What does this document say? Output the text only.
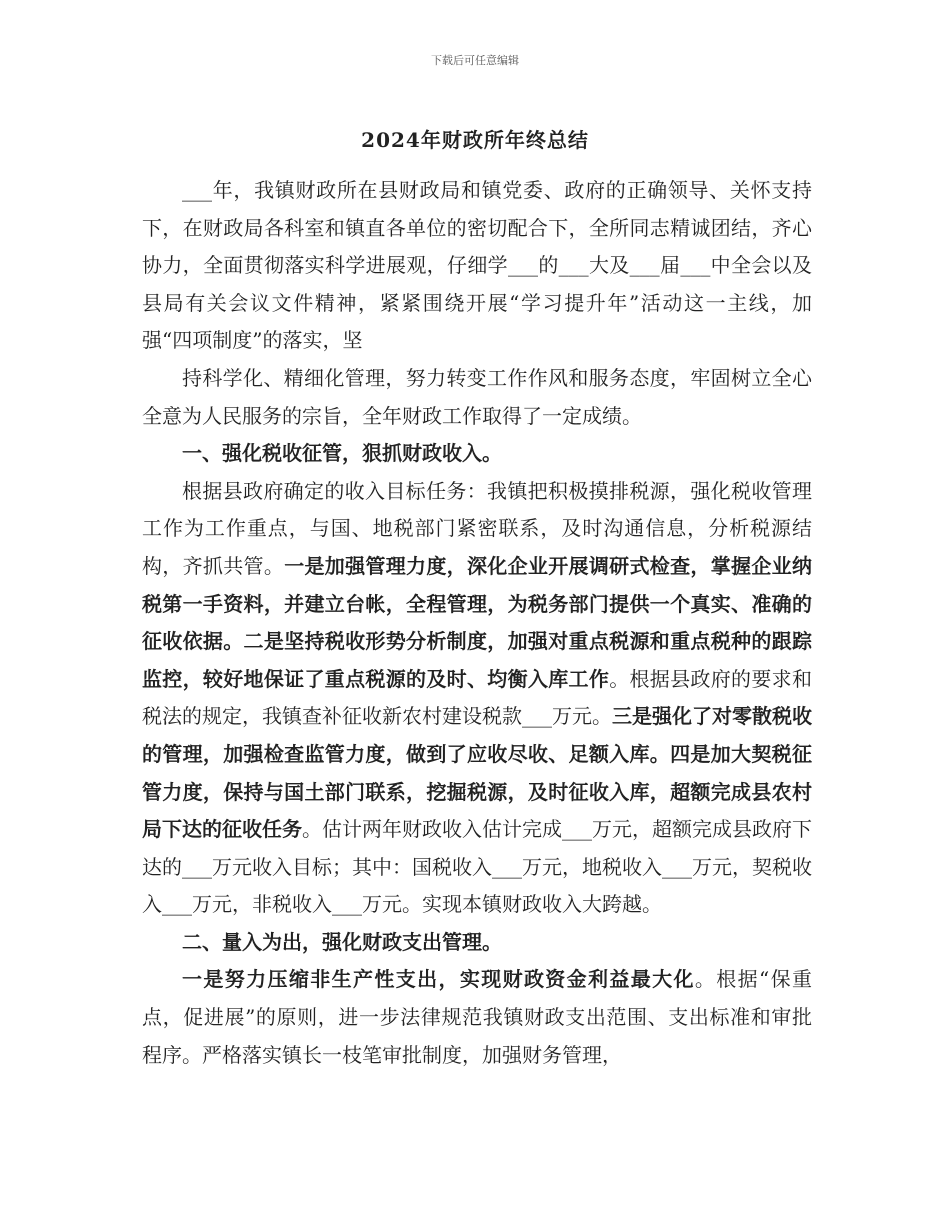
下载后可任意编辑
2024年财政所年终总结

___年，我镇财政所在县财政局和镇党委、政府的正确领导、关怀支持下，在财政局各科室和镇直各单位的密切配合下，全所同志精诚团结，齐心协力，全面贯彻落实科学进展观，仔细学___的___大及___届___中全会以及县局有关会议文件精神，紧紧围绕开展“学习提升年”活动这一主线，加强“四项制度”的落实，坚

持科学化、精细化管理，努力转变工作作风和服务态度，牢固树立全心全意为人民服务的宗旨，全年财政工作取得了一定成绩。

一、强化税收征管，狠抓财政收入。

根据县政府确定的收入目标任务：我镇把积极摸排税源，强化税收管理工作为工作重点，与国、地税部门紧密联系，及时沟通信息，分析税源结构，齐抓共管。一是加强管理力度，深化企业开展调研式检查，掌握企业纳税第一手资料，并建立台帐，全程管理，为税务部门提供一个真实、准确的征收依据。二是坚持税收形势分析制度，加强对重点税源和重点税种的跟踪监控，较好地保证了重点税源的及时、均衡入库工作。根据县政府的要求和税法的规定，我镇查补征收新农村建设税款___万元。三是强化了对零散税收的管理，加强检查监管力度，做到了应收尽收、足额入库。四是加大契税征管力度，保持与国土部门联系，挖掘税源，及时征收入库，超额完成县农村局下达的征收任务。估计两年财政收入估计完成___万元，超额完成县政府下达的___万元收入目标；其中：国税收入___万元，地税收入___万元，契税收入___万元，非税收入___万元。实现本镇财政收入大跨越。

二、量入为出，强化财政支出管理。

一是努力压缩非生产性支出，实现财政资金利益最大化。根据“保重点，促进展”的原则，进一步法律规范我镇财政支出范围、支出标准和审批程序。严格落实镇长一枝笔审批制度，加强财务管理，
